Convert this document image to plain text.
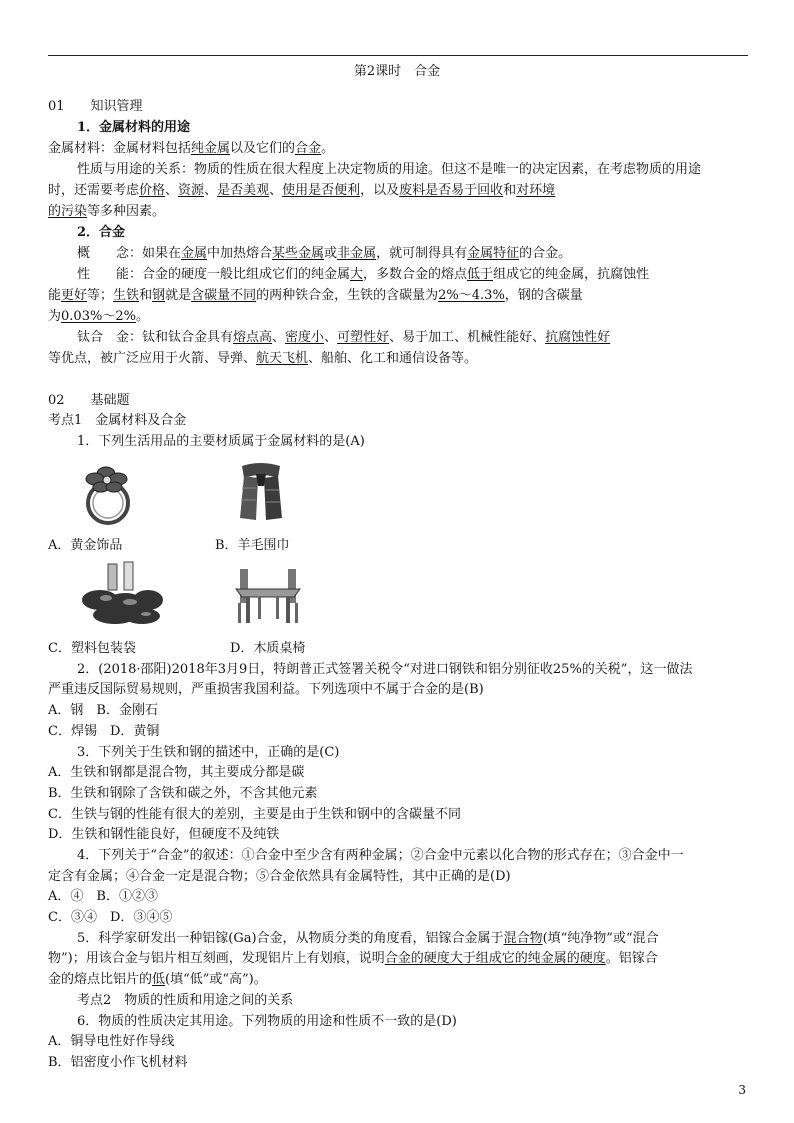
第2课时　合金
01　　知识管理
1．金属材料的用途
金属材料：金属材料包括纯金属以及它们的合金。
性质与用途的关系：物质的性质在很大程度上决定物质的用途。但这不是唯一的决定因素，在考虑物质的用途
时，还需要考虑价格、资源、是否美观、使用是否便利，以及废料是否易于回收和对环境
的污染等多种因素。
2．合金
概　　念：如果在金属中加热熔合某些金属或非金属，就可制得具有金属特征的合金。
性　　能：合金的硬度一般比组成它们的纯金属大，多数合金的熔点低于组成它的纯金属，抗腐蚀性
能更好等；生铁和钢就是含碳量不同的两种铁合金，生铁的含碳量为2%～4.3%，钢的含碳量
为0.03%～2%。
钛合　金：钛和钛合金具有熔点高、密度小、可塑性好、易于加工、机械性能好、抗腐蚀性好
等优点，被广泛应用于火箭、导弹、航天飞机、船舶、化工和通信设备等。
02　　基础题
考点1　金属材料及合金
1．下列生活用品的主要材质属于金属材料的是(A)
A．黄金饰品	B．羊毛围巾
C．塑料包装袋	D．木质桌椅
2．(2018·邵阳)2018年3月9日，特朗普正式签署关税令“对进口钢铁和铝分别征收25%的关税”，这一做法
严重违反国际贸易规则，严重损害我国利益。下列选项中不属于合金的是(B)
A．钢　B．金刚石
C．焊锡　D．黄铜
3．下列关于生铁和钢的描述中，正确的是(C)
A．生铁和钢都是混合物，其主要成分都是碳
B．生铁和钢除了含铁和碳之外，不含其他元素
C．生铁与钢的性能有很大的差别，主要是由于生铁和钢中的含碳量不同
D．生铁和钢性能良好，但硬度不及纯铁
4．下列关于“合金”的叙述：①合金中至少含有两种金属；②合金中元素以化合物的形式存在；③合金中一
定含有金属；④合金一定是混合物；⑤合金依然具有金属特性，其中正确的是(D)
A．④　B．①②③
C．③④　D．③④⑤
5．科学家研发出一种铝镓(Ga)合金，从物质分类的角度看，铝镓合金属于混合物(填“纯净物”或“混合
物”)；用该合金与铝片相互刻画，发现铝片上有划痕，说明合金的硬度大于组成它的纯金属的硬度。铝镓合
金的熔点比铝片的低(填“低”或“高”)。
考点2　物质的性质和用途之间的关系
6．物质的性质决定其用途。下列物质的用途和性质不一致的是(D)
A．铜导电性好作导线
B．铝密度小作飞机材料
3
